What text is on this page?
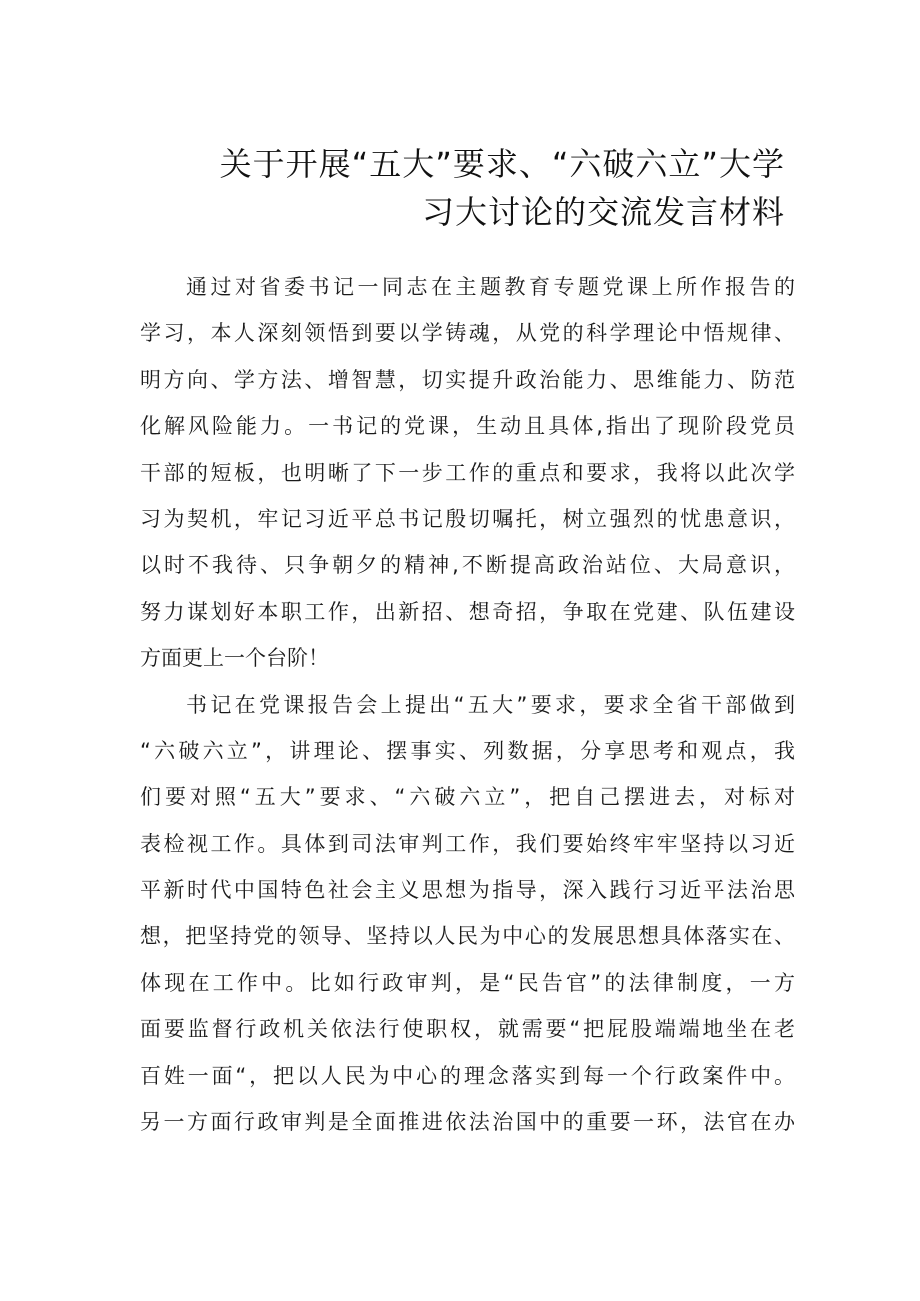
关于开展“五大”要求、“六破六立”大学
习大讨论的交流发言材料
通过对省委书记一同志在主题教育专题党课上所作报告的
学习，本人深刻领悟到要以学铸魂，从党的科学理论中悟规律、
明方向、学方法、增智慧，切实提升政治能力、思维能力、防范
化解风险能力。一书记的党课，生动且具体,指出了现阶段党员
干部的短板，也明晰了下一步工作的重点和要求，我将以此次学
习为契机，牢记习近平总书记殷切嘱托，树立强烈的忧患意识，
以时不我待、只争朝夕的精神,不断提高政治站位、大局意识，
努力谋划好本职工作，出新招、想奇招，争取在党建、队伍建设
方面更上一个台阶！
书记在党课报告会上提出“五大”要求，要求全省干部做到
“六破六立”，讲理论、摆事实、列数据，分享思考和观点，我
们要对照“五大”要求、“六破六立”，把自己摆进去，对标对
表检视工作。具体到司法审判工作，我们要始终牢牢坚持以习近
平新时代中国特色社会主义思想为指导，深入践行习近平法治思
想，把坚持党的领导、坚持以人民为中心的发展思想具体落实在、
体现在工作中。比如行政审判，是“民告官”的法律制度，一方
面要监督行政机关依法行使职权，就需要“把屁股端端地坐在老
百姓一面“，把以人民为中心的理念落实到每一个行政案件中。
另一方面行政审判是全面推进依法治国中的重要一环，法官在办
